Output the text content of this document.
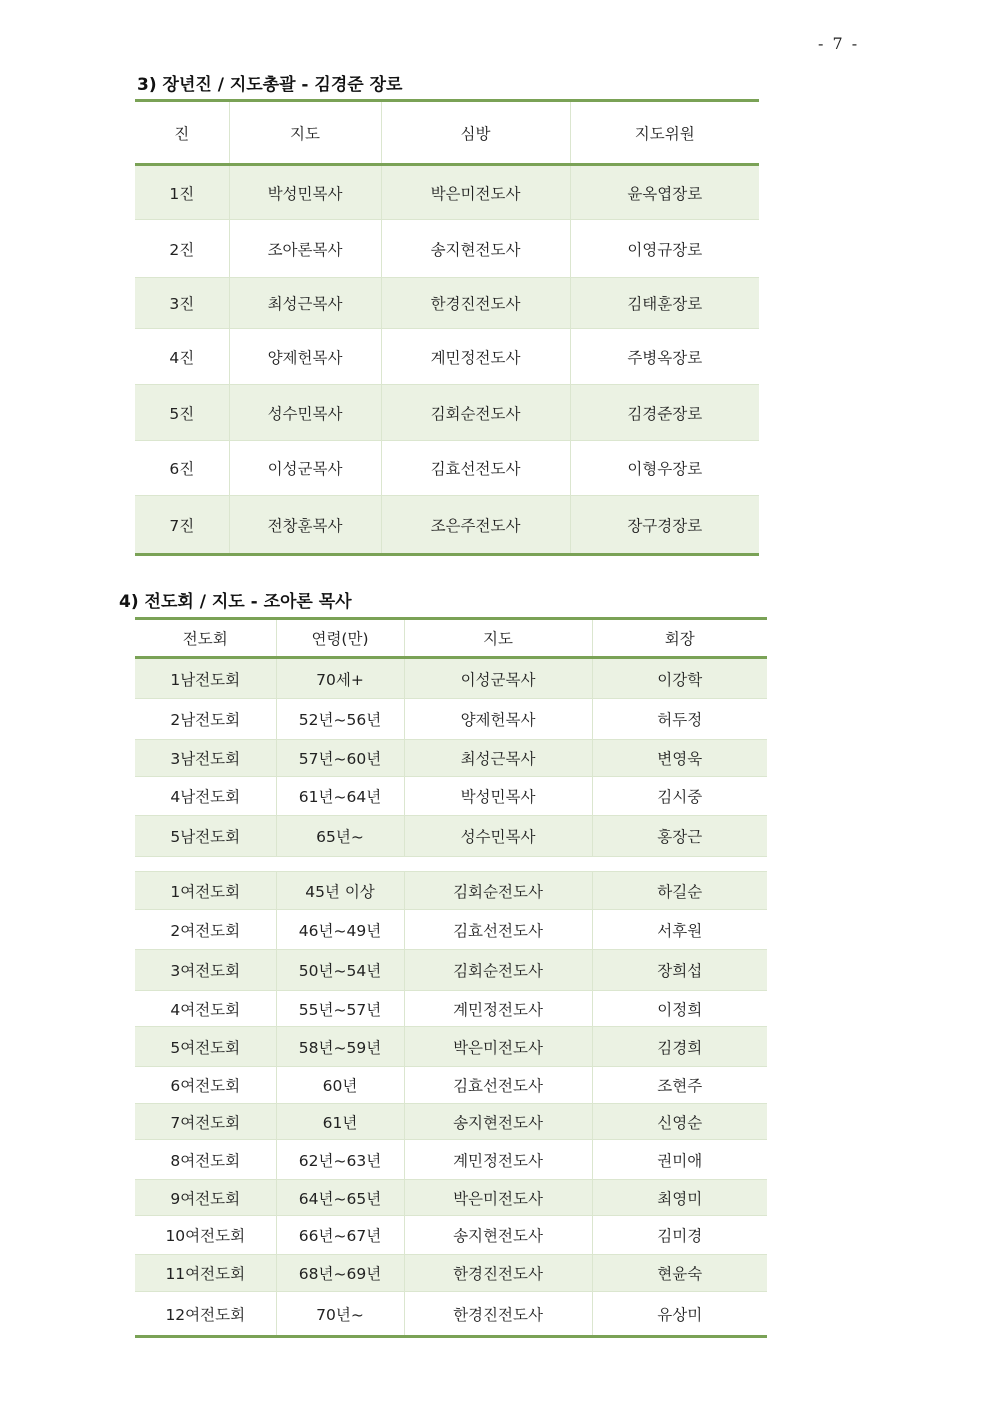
- 7 -
3) 장년진 / 지도총괄 - 김경준 장로
진	지도	심방	지도위원
1진	박성민목사	박은미전도사	윤옥엽장로
2진	조아론목사	송지현전도사	이영규장로
3진	최성근목사	한경진전도사	김태훈장로
4진	양제헌목사	계민정전도사	주병옥장로
5진	성수민목사	김회순전도사	김경준장로
6진	이성군목사	김효선전도사	이형우장로
7진	전창훈목사	조은주전도사	장구경장로
4) 전도회 / 지도 - 조아론 목사
전도회	연령(만)	지도	회장
1남전도회	70세+	이성군목사	이강학
2남전도회	52년~56년	양제헌목사	허두정
3남전도회	57년~60년	최성근목사	변영욱
4남전도회	61년~64년	박성민목사	김시중
5남전도회	65년~	성수민목사	홍장근

1여전도회	45년 이상	김회순전도사	하길순
2여전도회	46년~49년	김효선전도사	서후원
3여전도회	50년~54년	김회순전도사	장희섭
4여전도회	55년~57년	계민정전도사	이정희
5여전도회	58년~59년	박은미전도사	김경희
6여전도회	60년	김효선전도사	조현주
7여전도회	61년	송지현전도사	신영순
8여전도회	62년~63년	계민정전도사	권미애
9여전도회	64년~65년	박은미전도사	최영미
10여전도회	66년~67년	송지현전도사	김미경
11여전도회	68년~69년	한경진전도사	현윤숙
12여전도회	70년~	한경진전도사	유상미
